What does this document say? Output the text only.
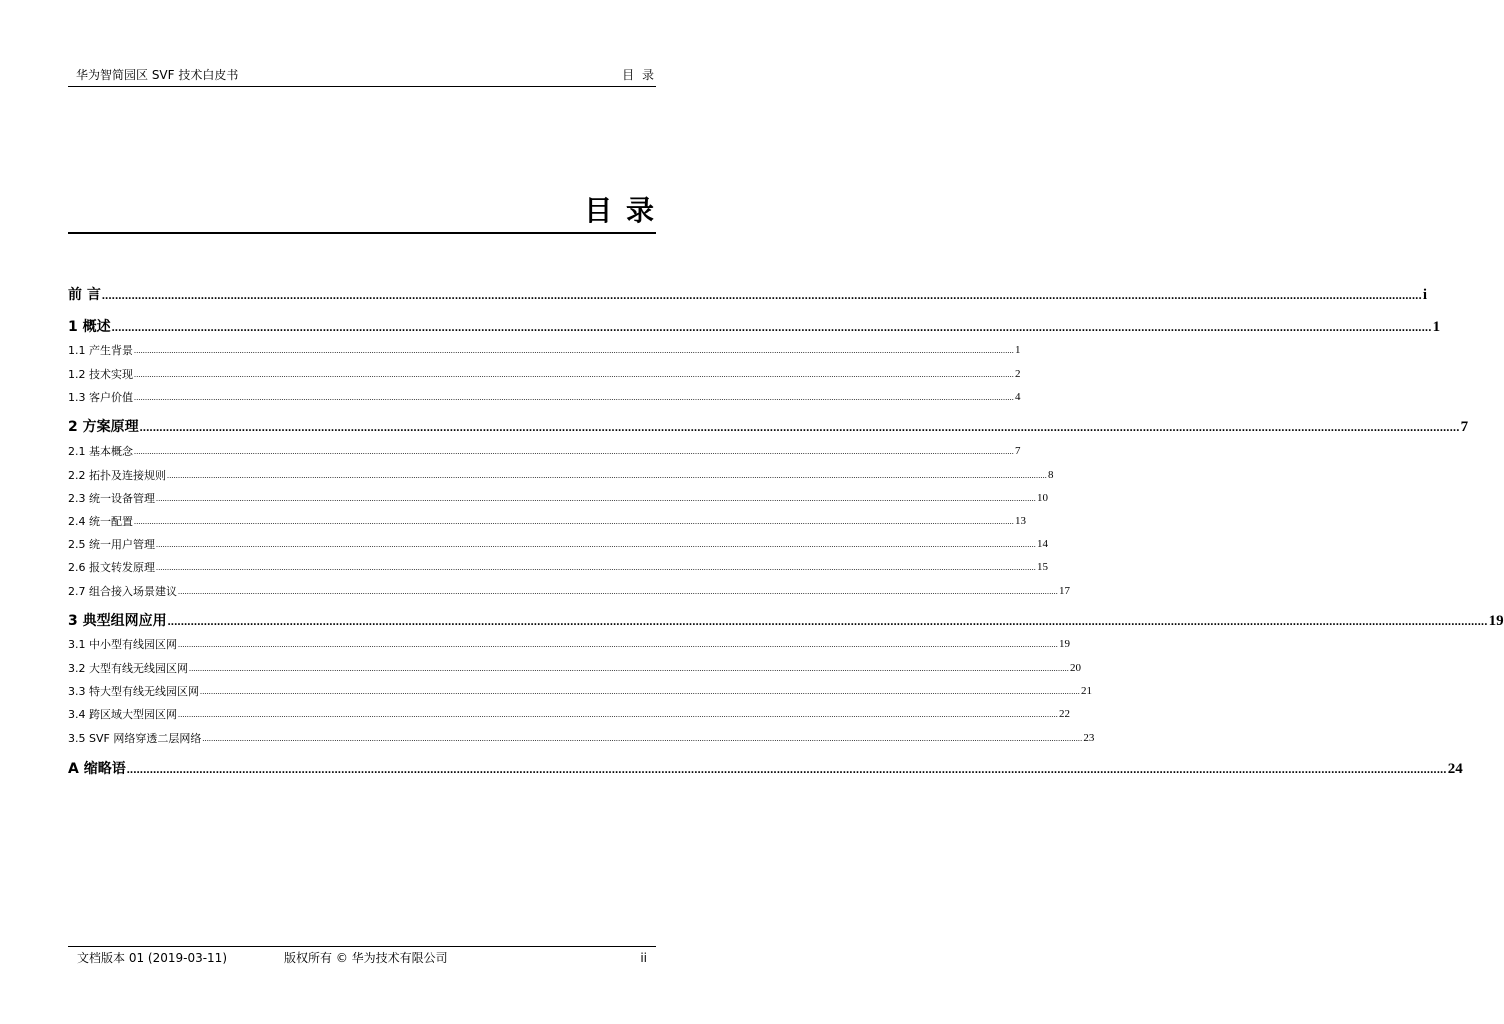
华为智简园区 SVF 技术白皮书	目 录
目 录
前 言 ................................................................................................................................................................................................................................................................................................................................................................................................................ i
1 概述 ................................................................................................................................................................................................................................................................................................................................................................................................................ 1
1.1 产生背景 ................................................................................................................................................................................................................................................................................................................................................................................................................ 1
1.2 技术实现 ................................................................................................................................................................................................................................................................................................................................................................................................................ 2
1.3 客户价值 ................................................................................................................................................................................................................................................................................................................................................................................................................ 4
2 方案原理 ................................................................................................................................................................................................................................................................................................................................................................................................................ 7
2.1 基本概念 ................................................................................................................................................................................................................................................................................................................................................................................................................ 7
2.2 拓扑及连接规则 ................................................................................................................................................................................................................................................................................................................................................................................................................ 8
2.3 统一设备管理 ................................................................................................................................................................................................................................................................................................................................................................................................................ 10
2.4 统一配置 ................................................................................................................................................................................................................................................................................................................................................................................................................ 13
2.5 统一用户管理 ................................................................................................................................................................................................................................................................................................................................................................................................................ 14
2.6 报文转发原理 ................................................................................................................................................................................................................................................................................................................................................................................................................ 15
2.7 组合接入场景建议 ................................................................................................................................................................................................................................................................................................................................................................................................................ 17
3 典型组网应用 ................................................................................................................................................................................................................................................................................................................................................................................................................ 19
3.1 中小型有线园区网 ................................................................................................................................................................................................................................................................................................................................................................................................................ 19
3.2 大型有线无线园区网 ................................................................................................................................................................................................................................................................................................................................................................................................................ 20
3.3 特大型有线无线园区网 ................................................................................................................................................................................................................................................................................................................................................................................................................ 21
3.4 跨区域大型园区网 ................................................................................................................................................................................................................................................................................................................................................................................................................ 22
3.5 SVF 网络穿透二层网络 ................................................................................................................................................................................................................................................................................................................................................................................................................ 23
A 缩略语 ................................................................................................................................................................................................................................................................................................................................................................................................................ 24
文档版本 01 (2019-03-11)	版权所有 © 华为技术有限公司	ii
